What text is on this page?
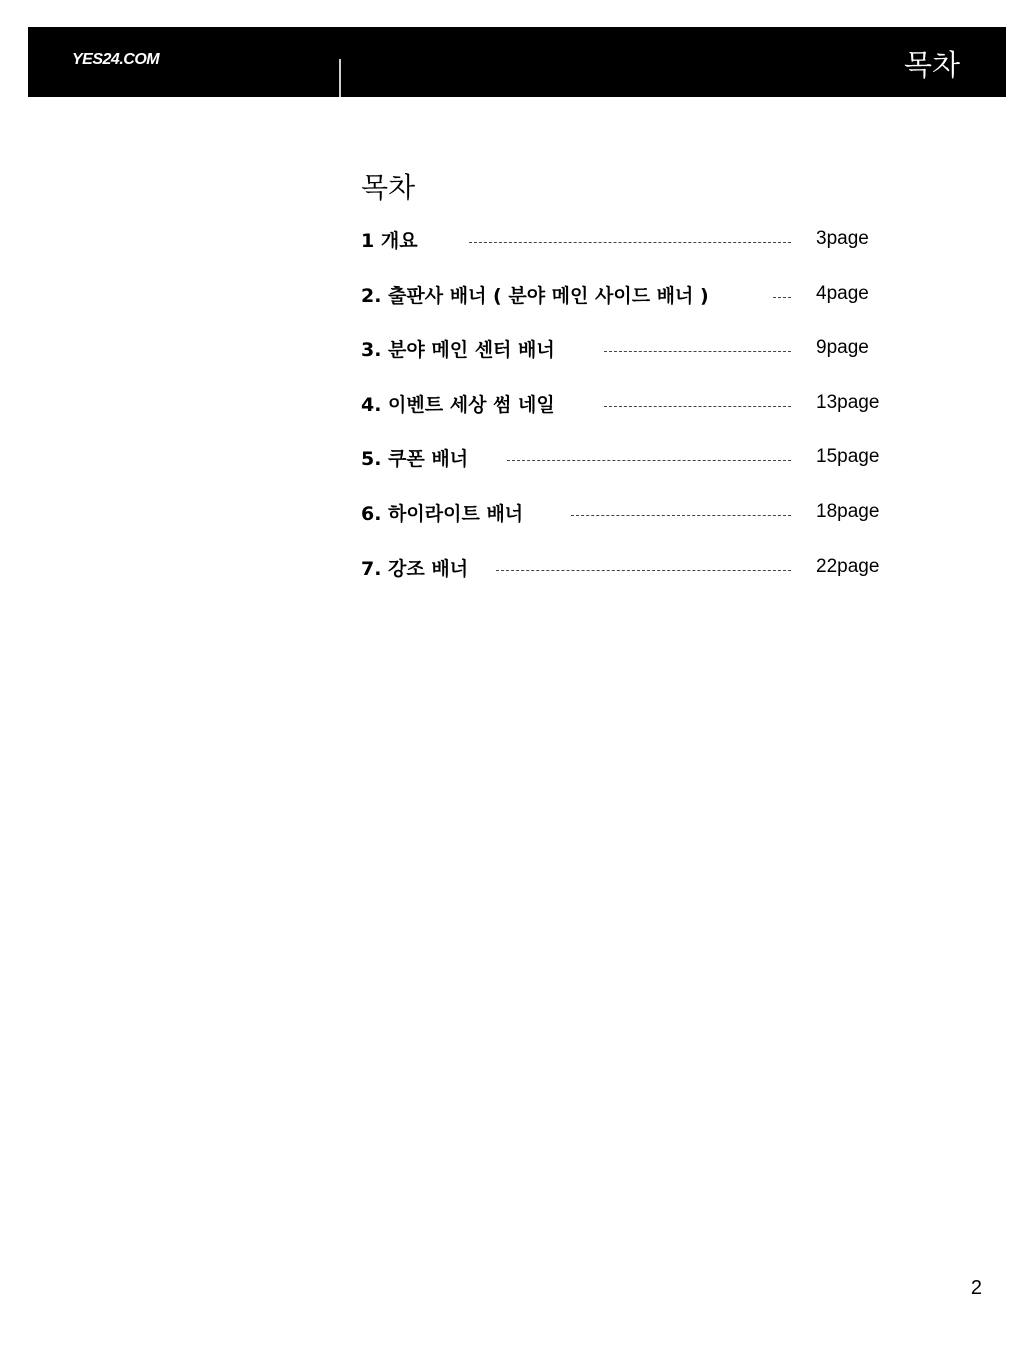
YES24.COM	목차
목차
1 개요	3page
2. 출판사 배너 ( 분야 메인 사이드 배너 )	4page
3. 분야 메인 센터 배너	9page
4. 이벤트 세상 썸 네일	13page
5. 쿠폰 배너	15page
6. 하이라이트 배너	18page
7. 강조 배너	22page
2
